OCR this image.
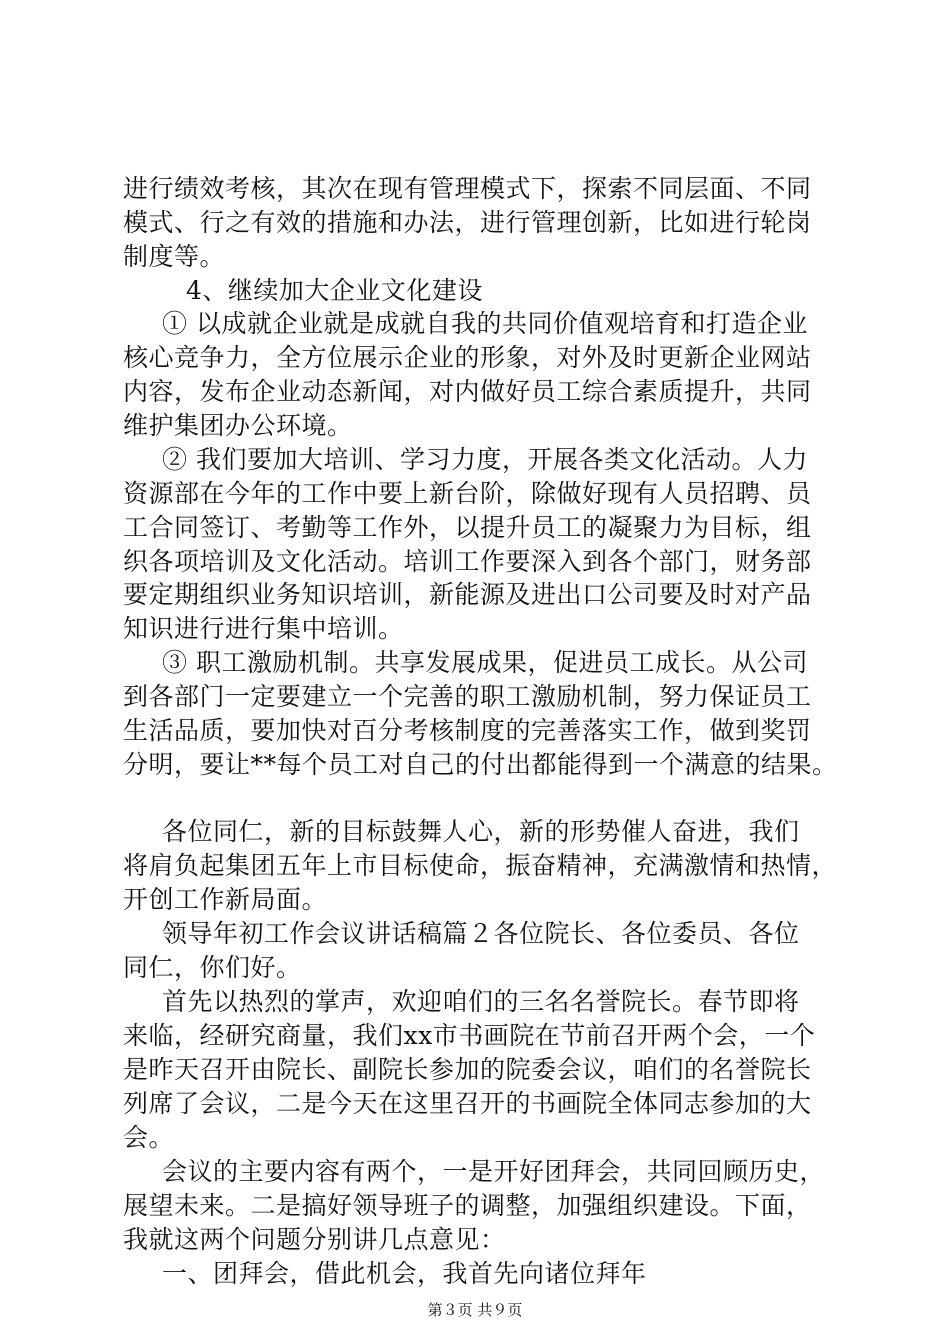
进行绩效考核，其次在现有管理模式下，探索不同层面、不同
模式、行之有效的措施和办法，进行管理创新，比如进行轮岗
制度等。
4、继续加大企业文化建设
① 以成就企业就是成就自我的共同价值观培育和打造企业
核心竞争力，全方位展示企业的形象，对外及时更新企业网站
内容，发布企业动态新闻，对内做好员工综合素质提升，共同
维护集团办公环境。
② 我们要加大培训、学习力度，开展各类文化活动。人力
资源部在今年的工作中要上新台阶，除做好现有人员招聘、员
工合同签订、考勤等工作外，以提升员工的凝聚力为目标，组
织各项培训及文化活动。培训工作要深入到各个部门，财务部
要定期组织业务知识培训，新能源及进出口公司要及时对产品
知识进行进行集中培训。
③ 职工激励机制。共享发展成果，促进员工成长。从公司
到各部门一定要建立一个完善的职工激励机制，努力保证员工
生活品质，要加快对百分考核制度的完善落实工作，做到奖罚
分明，要让**每个员工对自己的付出都能得到一个满意的结果。
各位同仁，新的目标鼓舞人心，新的形势催人奋进，我们
将肩负起集团五年上市目标使命，振奋精神，充满激情和热情，
开创工作新局面。
领导年初工作会议讲话稿篇２各位院长、各位委员、各位
同仁，你们好。
首先以热烈的掌声，欢迎咱们的三名名誉院长。春节即将
来临，经研究商量，我们xx市书画院在节前召开两个会，一个
是昨天召开由院长、副院长参加的院委会议，咱们的名誉院长
列席了会议，二是今天在这里召开的书画院全体同志参加的大
会。
会议的主要内容有两个，一是开好团拜会，共同回顾历史，
展望未来。二是搞好领导班子的调整，加强组织建设。下面，
我就这两个问题分别讲几点意见：
一、团拜会，借此机会，我首先向诸位拜年
第３页 共９页
